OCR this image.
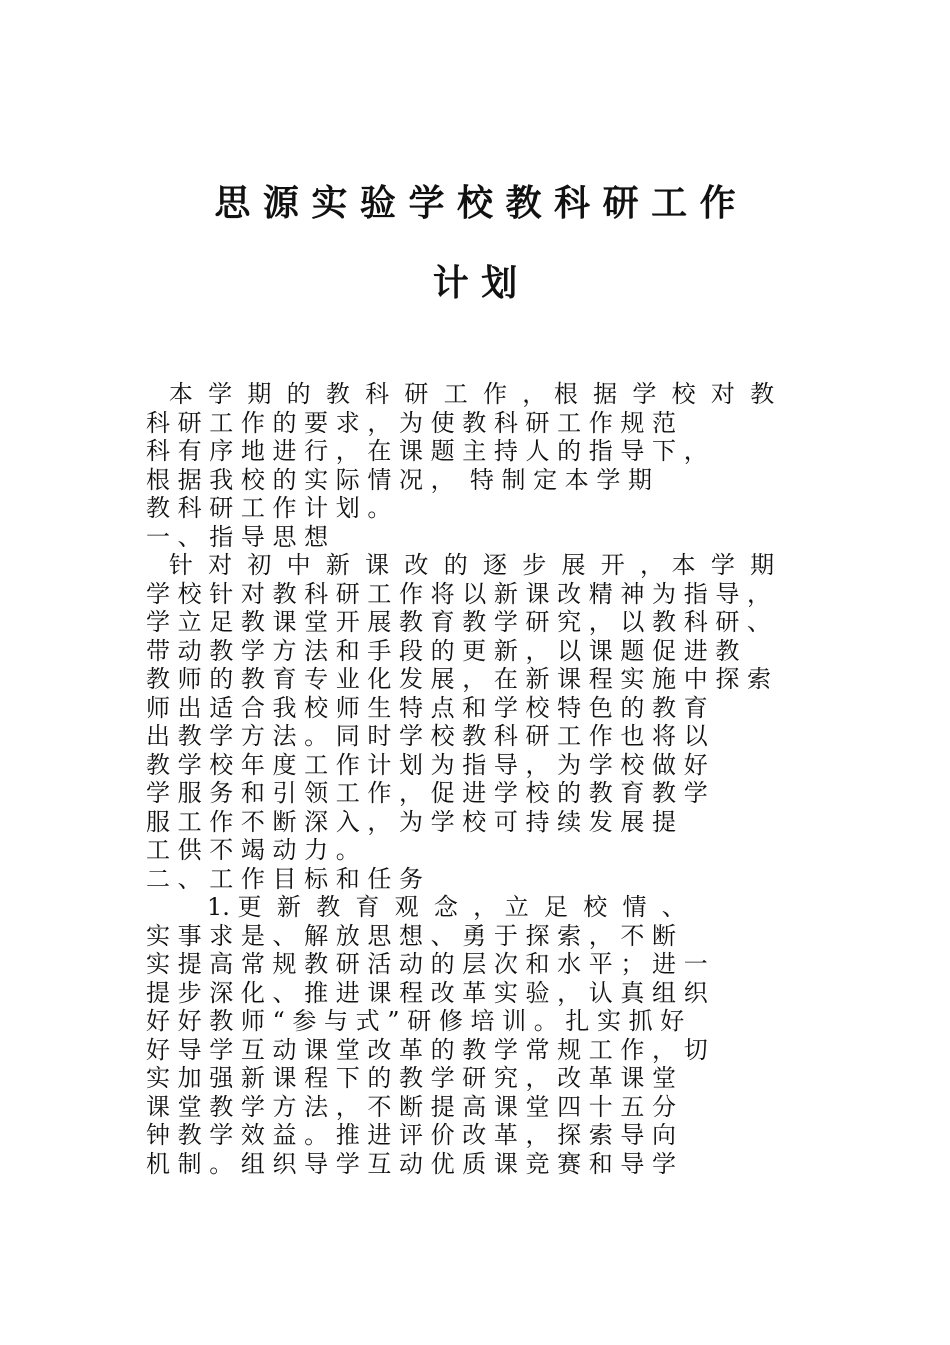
思 源 实 验 学 校 教 科 研 工 作
计 划
本  学  期  的  教  科  研  工  作  ， 根  据  学  校  对  教
科 研 工 作 的 要 求 ， 为 使 教 科 研 工 作 规 范
科 有 序 地 进 行 ， 在 课 题 主 持 人 的 指 导 下 ，
根 据 我 校 的 实 际 情 况 ，  特 制 定 本 学 期
教 科 研 工 作 计 划 。
一 、 指 导 思 想
针  对  初  中  新  课  改  的  逐  步  展  开  ， 本  学  期
学 校 针 对 教 科 研 工 作 将 以 新 课 改 精 神 为 指 导 ，
学 立 足 教 课 堂 开 展 教 育 教 学 研 究 ， 以 教 科 研 、
带 动 教 学 方 法 和 手 段 的 更 新 ， 以 课 题 促 进 教
教 师 的 教 育 专 业 化 发 展 ， 在 新 课 程 实 施 中 探 索
师 出 适 合 我 校 师 生 特 点 和 学 校 特 色 的 教 育
出 教 学 方 法 。 同 时 学 校 教 科 研 工 作 也 将 以
教 学 校 年 度 工 作 计 划 为 指 导 ， 为 学 校 做 好
学 服 务 和 引 领 工 作 ， 促 进 学 校 的 教 育 教 学
服 工 作 不 断 深 入 ， 为 学 校 可 持 续 发 展 提
工 供 不 竭 动 力 。
二 、 工 作 目 标 和 任 务
1. 更  新  教  育  观  念  ， 立  足  校  情  、
实 事 求 是 、 解 放 思 想 、 勇 于 探 索 ， 不 断
实 提 高 常 规 教 研 活 动 的 层 次 和 水 平 ； 进 一
提 步 深 化 、 推 进 课 程 改 革 实 验 ， 认 真 组 织
好 好 教 师 “ 参 与 式 ” 研 修 培 训 。 扎 实 抓 好
好 导 学 互 动 课 堂 改 革 的 教 学 常 规 工 作 ， 切
实 加 强 新 课 程 下 的 教 学 研 究 ， 改 革 课 堂
课 堂 教 学 方 法 ， 不 断 提 高 课 堂 四 十 五 分
钟 教 学 效 益 。 推 进 评 价 改 革 ， 探 索 导 向
机 制 。 组 织 导 学 互 动 优 质 课 竞 赛 和 导 学
